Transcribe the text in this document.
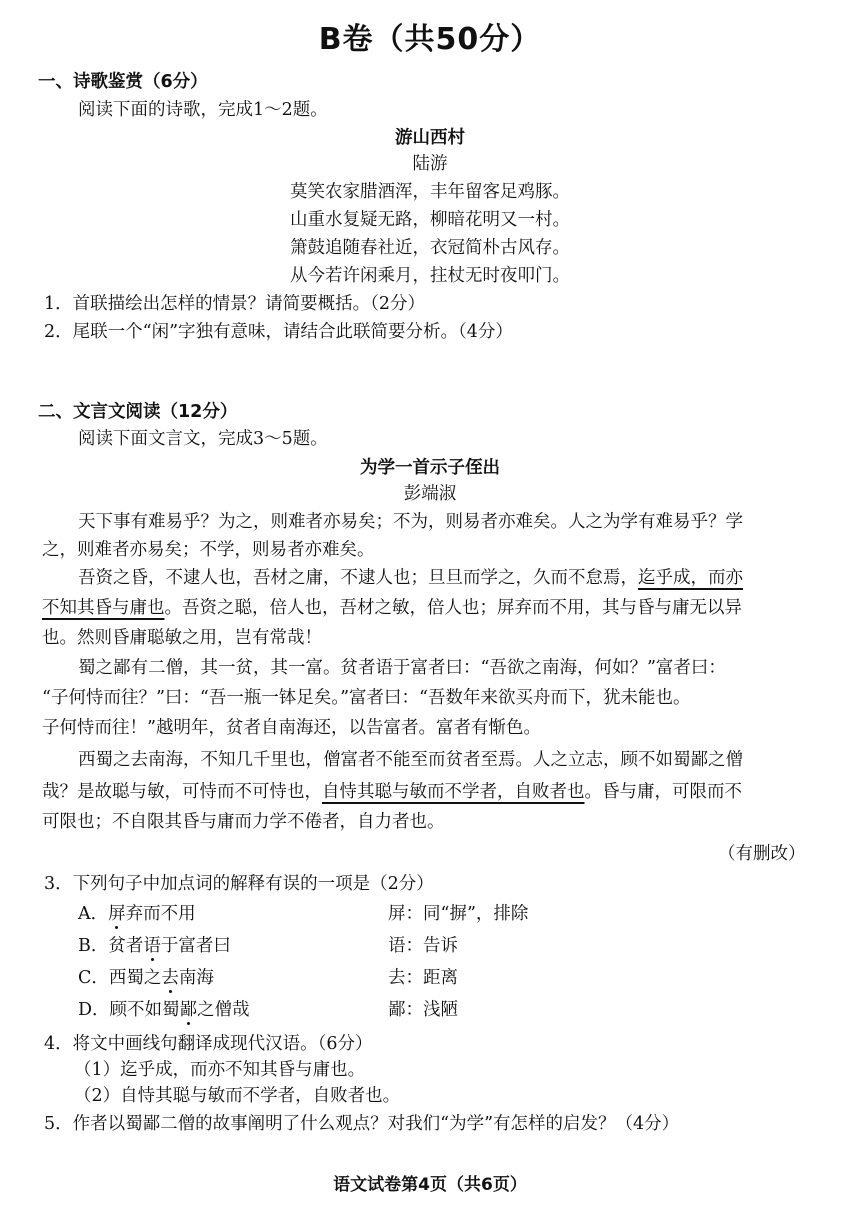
B卷（共50分）
一、诗歌鉴赏（6分）
阅读下面的诗歌，完成1～2题。
游山西村
陆游
莫笑农家腊酒浑，丰年留客足鸡豚。
山重水复疑无路，柳暗花明又一村。
箫鼓追随春社近，衣冠简朴古风存。
从今若许闲乘月，拄杖无时夜叩门。
1．首联描绘出怎样的情景？请简要概括。（2分）
2．尾联一个“闲”字独有意味，请结合此联简要分析。（4分）
二、文言文阅读（12分）
阅读下面文言文，完成3～5题。
为学一首示子侄出
彭端淑
天下事有难易乎？为之，则难者亦易矣；不为，则易者亦难矣。人之为学有难易乎？学
之，则难者亦易矣；不学，则易者亦难矣。
吾资之昏，不逮人也，吾材之庸，不逮人也；旦旦而学之，久而不怠焉，迄乎成，而亦
不知其昏与庸也。吾资之聪，倍人也，吾材之敏，倍人也；屏弃而不用，其与昏与庸无以异
也。然则昏庸聪敏之用，岂有常哉！
蜀之鄙有二僧，其一贫，其一富。贫者语于富者曰：“吾欲之南海，何如？”富者曰：
“子何恃而往？”曰：“吾一瓶一钵足矣。”富者曰：“吾数年来欲买舟而下，犹未能也。
子何恃而往！”越明年，贫者自南海还，以告富者。富者有惭色。
西蜀之去南海，不知几千里也，僧富者不能至而贫者至焉。人之立志，顾不如蜀鄙之僧
哉？是故聪与敏，可恃而不可恃也，自恃其聪与敏而不学者，自败者也。昏与庸，可限而不
可限也；不自限其昏与庸而力学不倦者，自力者也。
（有删改）
3．下列句子中加点词的解释有误的一项是（2分）
A．屏弃而不用	屏：同“摒”，排除
B．贫者语于富者曰	语：告诉
C．西蜀之去南海	去：距离
D．顾不如蜀鄙之僧哉	鄙：浅陋
4．将文中画线句翻译成现代汉语。（6分）
（1）迄乎成，而亦不知其昏与庸也。
（2）自恃其聪与敏而不学者，自败者也。
5．作者以蜀鄙二僧的故事阐明了什么观点？对我们“为学”有怎样的启发？（4分）
语文试卷第4页（共6页）
